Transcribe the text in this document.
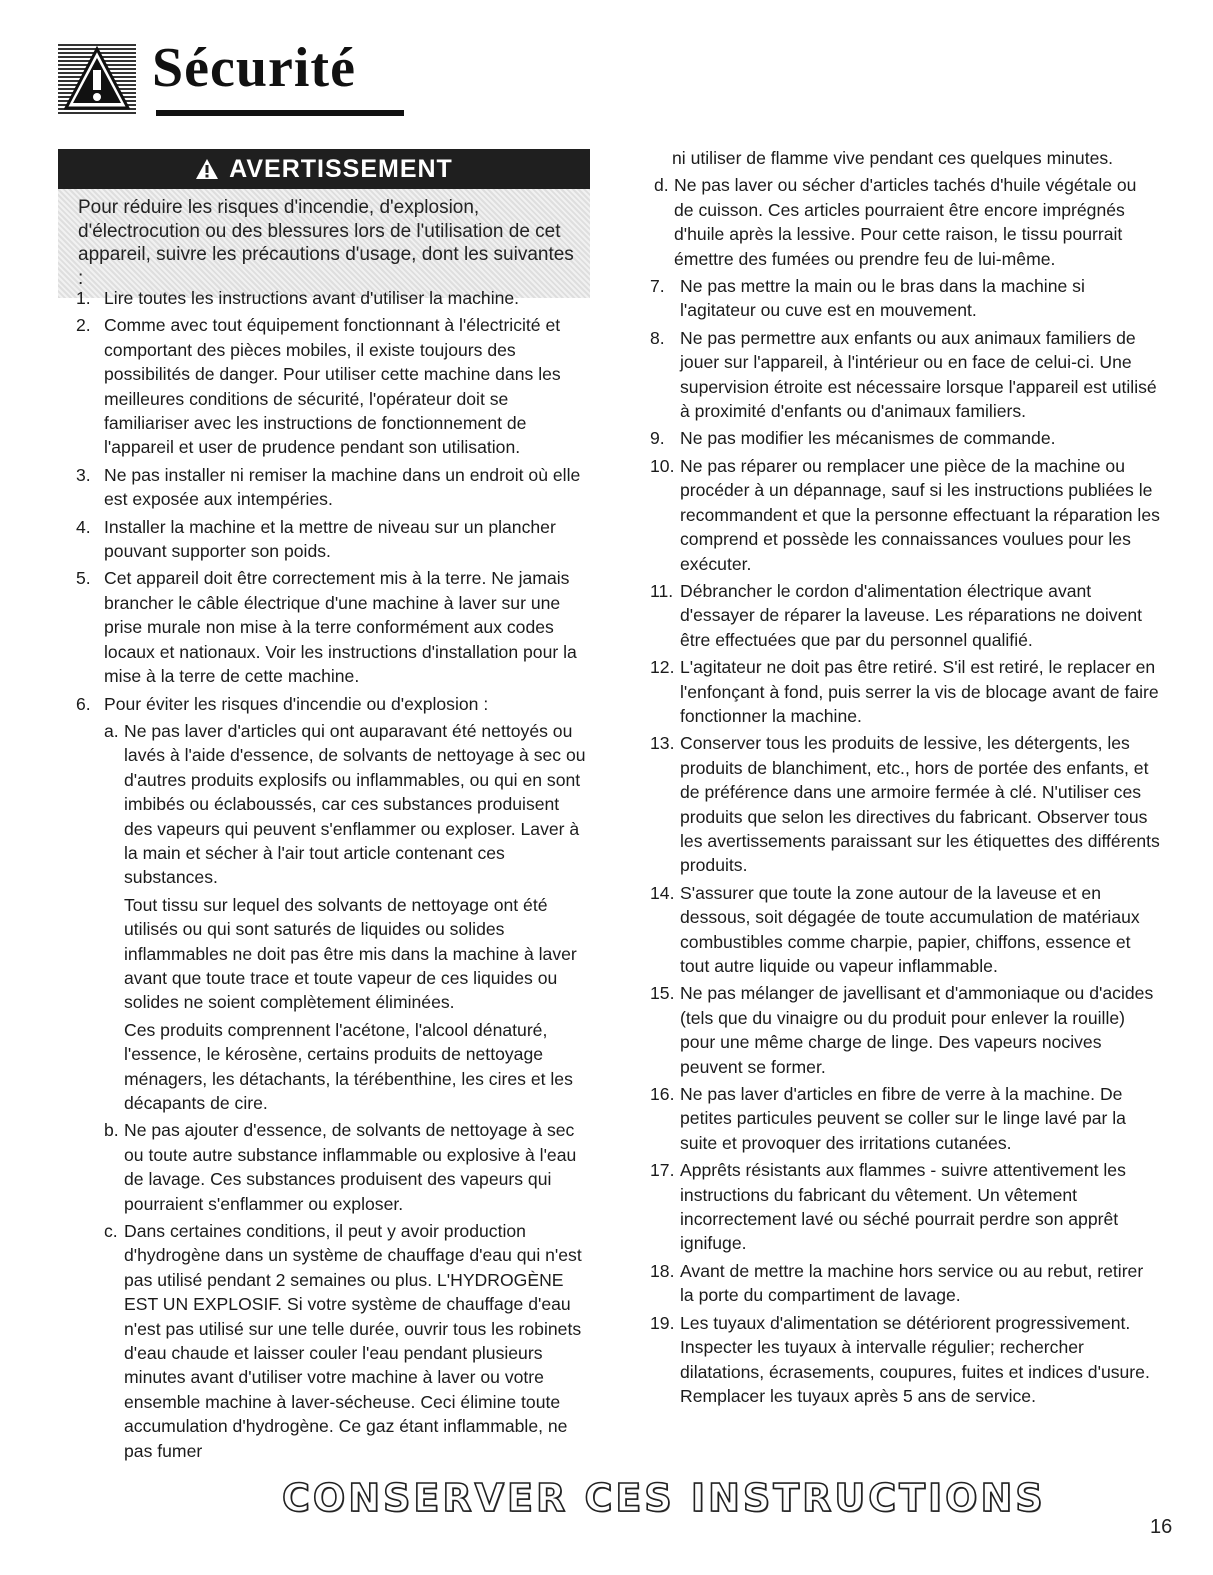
Sécurité
AVERTISSEMENT
Pour réduire les risques d'incendie, d'explosion, d'électrocution ou des blessures lors de l'utilisation de cet appareil, suivre les précautions d'usage, dont les suivantes :
1. Lire toutes les instructions avant d'utiliser la machine.
2. Comme avec tout équipement fonctionnant à l'électricité et comportant des pièces mobiles, il existe toujours des possibilités de danger. Pour utiliser cette machine dans les meilleures conditions de sécurité, l'opérateur doit se familiariser avec les instructions de fonctionnement de l'appareil et user de prudence pendant son utilisation.
3. Ne pas installer ni remiser la machine dans un endroit où elle est exposée aux intempéries.
4. Installer la machine et la mettre de niveau sur un plancher pouvant supporter son poids.
5. Cet appareil doit être correctement mis à la terre. Ne jamais brancher le câble électrique d'une machine à laver sur une prise murale non mise à la terre conformément aux codes locaux et nationaux. Voir les instructions d'installation pour la mise à la terre de cette machine.
6. Pour éviter les risques d'incendie ou d'explosion :
a. Ne pas laver d'articles qui ont auparavant été nettoyés ou lavés à l'aide d'essence, de solvants de nettoyage à sec ou d'autres produits explosifs ou inflammables, ou qui en sont imbibés ou éclaboussés, car ces substances produisent des vapeurs qui peuvent s'enflammer ou exploser. Laver à la main et sécher à l'air tout article contenant ces substances.
Tout tissu sur lequel des solvants de nettoyage ont été utilisés ou qui sont saturés de liquides ou solides inflammables ne doit pas être mis dans la machine à laver avant que toute trace et toute vapeur de ces liquides ou solides ne soient complètement éliminées.
Ces produits comprennent l'acétone, l'alcool dénaturé, l'essence, le kérosène, certains produits de nettoyage ménagers, les détachants, la térébenthine, les cires et les décapants de cire.
b. Ne pas ajouter d'essence, de solvants de nettoyage à sec ou toute autre substance inflammable ou explosive à l'eau de lavage. Ces substances produisent des vapeurs qui pourraient s'enflammer ou exploser.
c. Dans certaines conditions, il peut y avoir production d'hydrogène dans un système de chauffage d'eau qui n'est pas utilisé pendant 2 semaines ou plus. L'HYDROGÈNE EST UN EXPLOSIF. Si votre système de chauffage d'eau n'est pas utilisé sur une telle durée, ouvrir tous les robinets d'eau chaude et laisser couler l'eau pendant plusieurs minutes avant d'utiliser votre machine à laver ou votre ensemble machine à laver-sécheuse. Ceci élimine toute accumulation d'hydrogène. Ce gaz étant inflammable, ne pas fumer
ni utiliser de flamme vive pendant ces quelques minutes.
d. Ne pas laver ou sécher d'articles tachés d'huile végétale ou de cuisson. Ces articles pourraient être encore imprégnés d'huile après la lessive. Pour cette raison, le tissu pourrait émettre des fumées ou prendre feu de lui-même.
7. Ne pas mettre la main ou le bras dans la machine si l'agitateur ou cuve est en mouvement.
8. Ne pas permettre aux enfants ou aux animaux familiers de jouer sur l'appareil, à l'intérieur ou en face de celui-ci. Une supervision étroite est nécessaire lorsque l'appareil est utilisé à proximité d'enfants ou d'animaux familiers.
9. Ne pas modifier les mécanismes de commande.
10. Ne pas réparer ou remplacer une pièce de la machine ou procéder à un dépannage, sauf si les instructions publiées le recommandent et que la personne effectuant la réparation les comprend et possède les connaissances voulues pour les exécuter.
11. Débrancher le cordon d'alimentation électrique avant d'essayer de réparer la laveuse. Les réparations ne doivent être effectuées que par du personnel qualifié.
12. L'agitateur ne doit pas être retiré. S'il est retiré, le replacer en l'enfonçant à fond, puis serrer la vis de blocage avant de faire fonctionner la machine.
13. Conserver tous les produits de lessive, les détergents, les produits de blanchiment, etc., hors de portée des enfants, et de préférence dans une armoire fermée à clé. N'utiliser ces produits que selon les directives du fabricant. Observer tous les avertissements paraissant sur les étiquettes des différents produits.
14. S'assurer que toute la zone autour de la laveuse et en dessous, soit dégagée de toute accumulation de matériaux combustibles comme charpie, papier, chiffons, essence et tout autre liquide ou vapeur inflammable.
15. Ne pas mélanger de javellisant et d'ammoniaque ou d'acides (tels que du vinaigre ou du produit pour enlever la rouille) pour une même charge de linge. Des vapeurs nocives peuvent se former.
16. Ne pas laver d'articles en fibre de verre à la machine. De petites particules peuvent se coller sur le linge lavé par la suite et provoquer des irritations cutanées.
17. Apprêts résistants aux flammes - suivre attentivement les instructions du fabricant du vêtement. Un vêtement incorrectement lavé ou séché pourrait perdre son apprêt ignifuge.
18. Avant de mettre la machine hors service ou au rebut, retirer la porte du compartiment de lavage.
19. Les tuyaux d'alimentation se détériorent progressivement. Inspecter les tuyaux à intervalle régulier; rechercher dilatations, écrasements, coupures, fuites et indices d'usure. Remplacer les tuyaux après 5 ans de service.
CONSERVER CES INSTRUCTIONS
16
